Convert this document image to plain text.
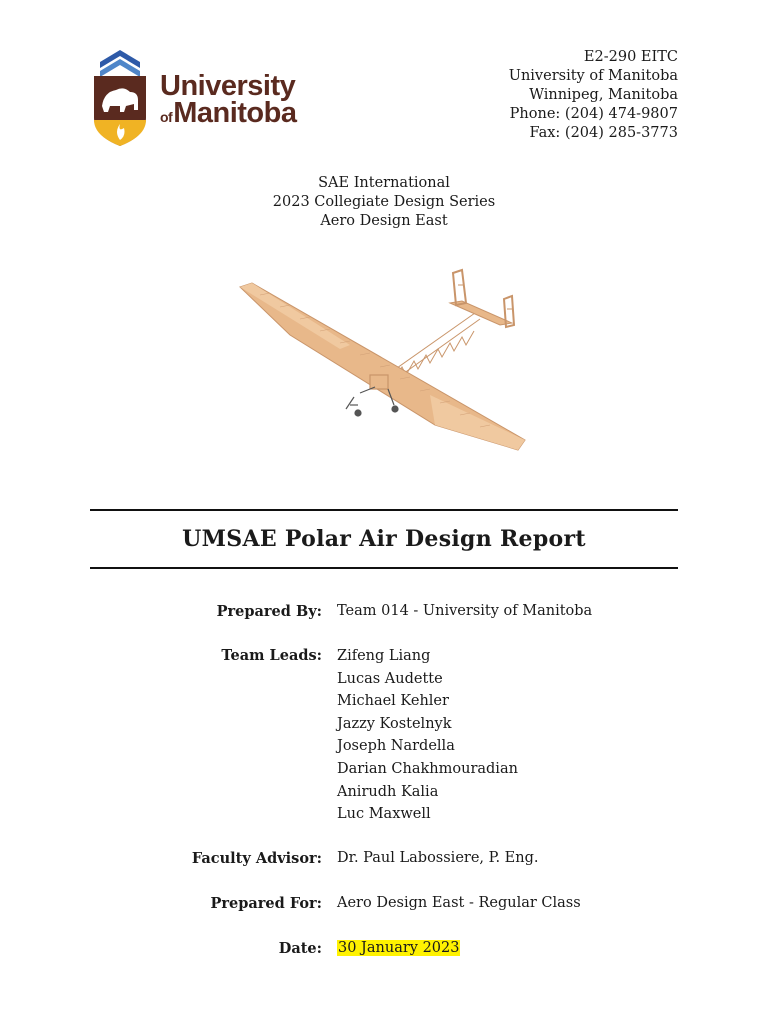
University
ofManitoba
E2-290 EITC
University of Manitoba
Winnipeg, Manitoba
Phone: (204) 474-9807
Fax: (204) 285-3773
SAE International
2023 Collegiate Design Series
Aero Design East
UMSAE Polar Air Design Report
Prepared By: Team 014 - University of Manitoba
Team Leads: Zifeng Liang
Lucas Audette
Michael Kehler
Jazzy Kostelnyk
Joseph Nardella
Darian Chakhmouradian
Anirudh Kalia
Luc Maxwell
Faculty Advisor: Dr. Paul Labossiere, P. Eng.
Prepared For: Aero Design East - Regular Class
Date: 30 January 2023
